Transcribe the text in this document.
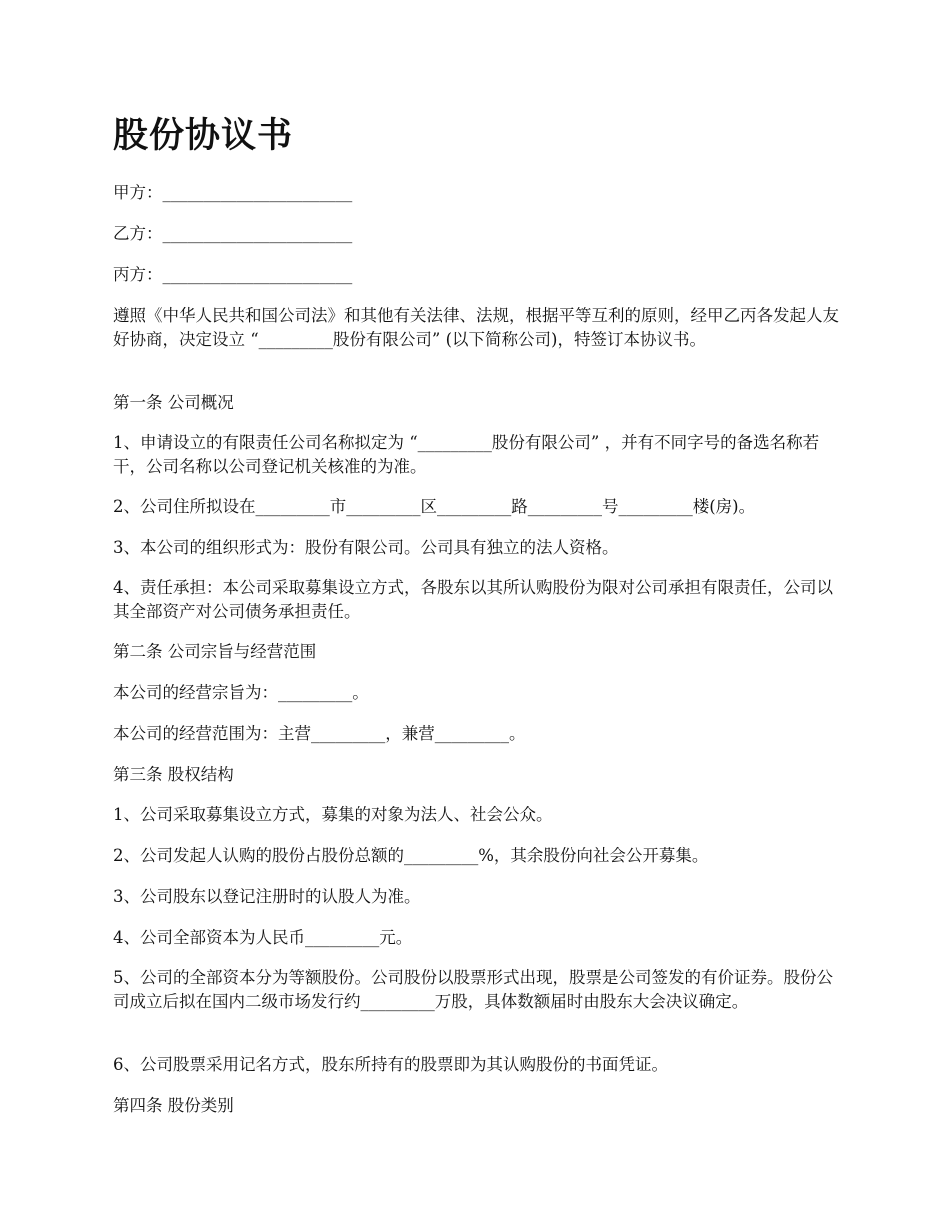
股份协议书

甲方：_______________________

乙方：_______________________

丙方：_______________________

遵照《中华人民共和国公司法》和其他有关法律、法规，根据平等互利的原则，经甲乙丙各发起人友好协商，决定设立 “_________股份有限公司” (以下简称公司)，特签订本协议书。

第一条 公司概况

1、申请设立的有限责任公司名称拟定为 “_________股份有限公司” ，并有不同字号的备选名称若干，公司名称以公司登记机关核准的为准。

2、公司住所拟设在_________市_________区_________路_________号_________楼(房)。

3、本公司的组织形式为：股份有限公司。公司具有独立的法人资格。

4、责任承担：本公司采取募集设立方式，各股东以其所认购股份为限对公司承担有限责任，公司以其全部资产对公司债务承担责任。

第二条 公司宗旨与经营范围

本公司的经营宗旨为：_________。

本公司的经营范围为：主营_________，兼营_________。

第三条 股权结构

1、公司采取募集设立方式，募集的对象为法人、社会公众。

2、公司发起人认购的股份占股份总额的_________%，其余股份向社会公开募集。

3、公司股东以登记注册时的认股人为准。

4、公司全部资本为人民币_________元。

5、公司的全部资本分为等额股份。公司股份以股票形式出现，股票是公司签发的有价证券。股份公司成立后拟在国内二级市场发行约_________万股，具体数额届时由股东大会决议确定。

6、公司股票采用记名方式，股东所持有的股票即为其认购股份的书面凭证。

第四条 股份类别
